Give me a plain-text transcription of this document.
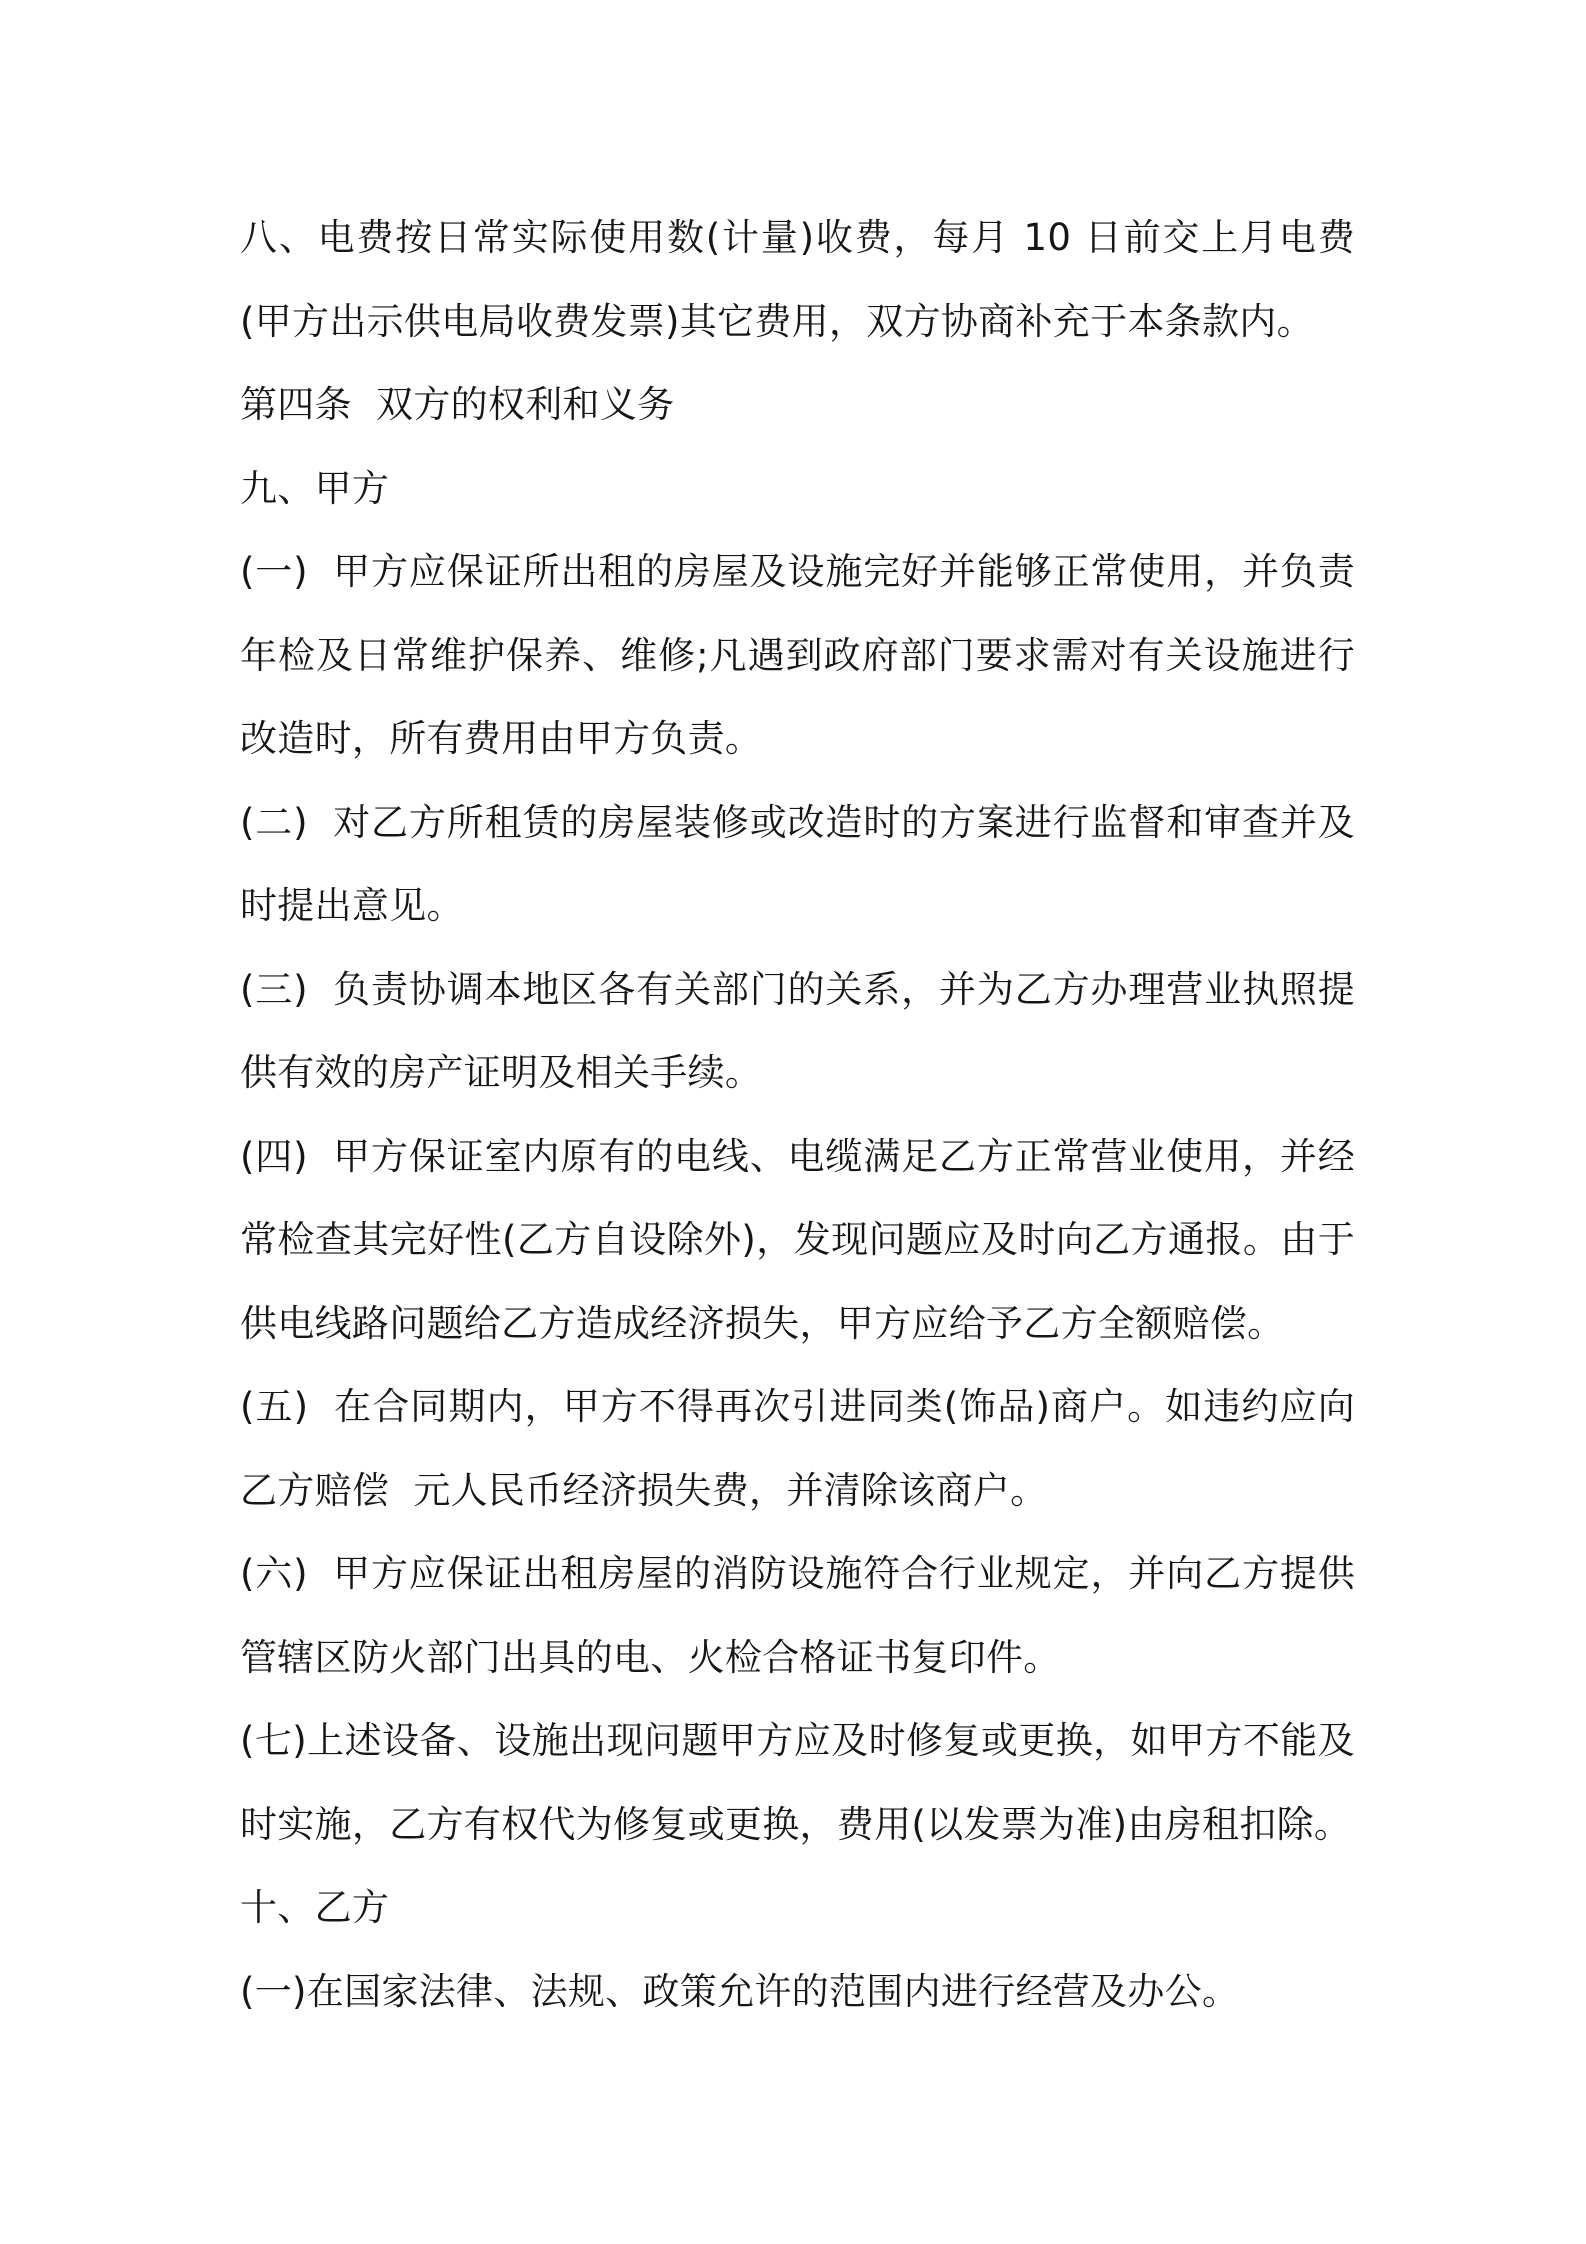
八、电费按日常实际使用数(计量)收费，每月 10 日前交上月电费(甲方出示供电局收费发票)其它费用，双方协商补充于本条款内。

第四条  双方的权利和义务

九、甲方

(一)  甲方应保证所出租的房屋及设施完好并能够正常使用，并负责年检及日常维护保养、维修;凡遇到政府部门要求需对有关设施进行改造时，所有费用由甲方负责。

(二)  对乙方所租赁的房屋装修或改造时的方案进行监督和审查并及时提出意见。

(三)  负责协调本地区各有关部门的关系，并为乙方办理营业执照提供有效的房产证明及相关手续。

(四)  甲方保证室内原有的电线、电缆满足乙方正常营业使用，并经常检查其完好性(乙方自设除外)，发现问题应及时向乙方通报。由于供电线路问题给乙方造成经济损失，甲方应给予乙方全额赔偿。

(五)  在合同期内，甲方不得再次引进同类(饰品)商户。如违约应向乙方赔偿  元人民币经济损失费，并清除该商户。

(六)  甲方应保证出租房屋的消防设施符合行业规定，并向乙方提供管辖区防火部门出具的电、火检合格证书复印件。

(七)上述设备、设施出现问题甲方应及时修复或更换，如甲方不能及时实施，乙方有权代为修复或更换，费用(以发票为准)由房租扣除。

十、乙方

(一)在国家法律、法规、政策允许的范围内进行经营及办公。
